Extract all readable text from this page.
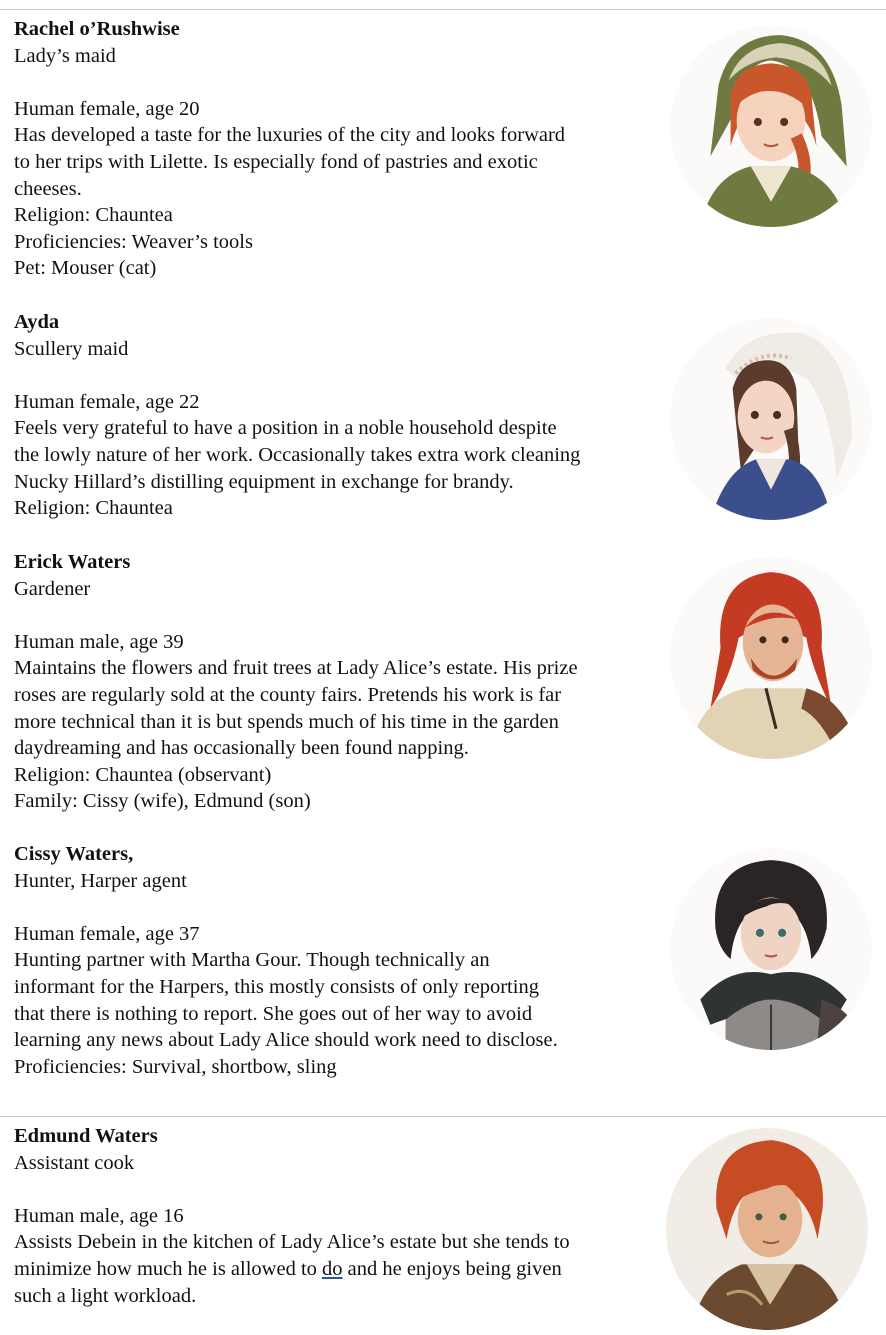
Rachel o’Rushwise
Lady’s maid
Human female, age 20
Has developed a taste for the luxuries of the city and looks forward
to her trips with Lilette. Is especially fond of pastries and exotic
cheeses.
Religion: Chauntea
Proficiencies: Weaver’s tools
Pet: Mouser (cat)
Ayda
Scullery maid
Human female, age 22
Feels very grateful to have a position in a noble household despite
the lowly nature of her work. Occasionally takes extra work cleaning
Nucky Hillard’s distilling equipment in exchange for brandy.
Religion: Chauntea
Erick Waters
Gardener
Human male, age 39
Maintains the flowers and fruit trees at Lady Alice’s estate. His prize
roses are regularly sold at the county fairs. Pretends his work is far
more technical than it is but spends much of his time in the garden
daydreaming and has occasionally been found napping.
Religion: Chauntea (observant)
Family: Cissy (wife), Edmund (son)
Cissy Waters,
Hunter, Harper agent
Human female, age 37
Hunting partner with Martha Gour. Though technically an
informant for the Harpers, this mostly consists of only reporting
that there is nothing to report. She goes out of her way to avoid
learning any news about Lady Alice should work need to disclose.
Proficiencies: Survival, shortbow, sling
Edmund Waters
Assistant cook
Human male, age 16
Assists Debein in the kitchen of Lady Alice’s estate but she tends to
minimize how much he is allowed to do and he enjoys being given
such a light workload.
